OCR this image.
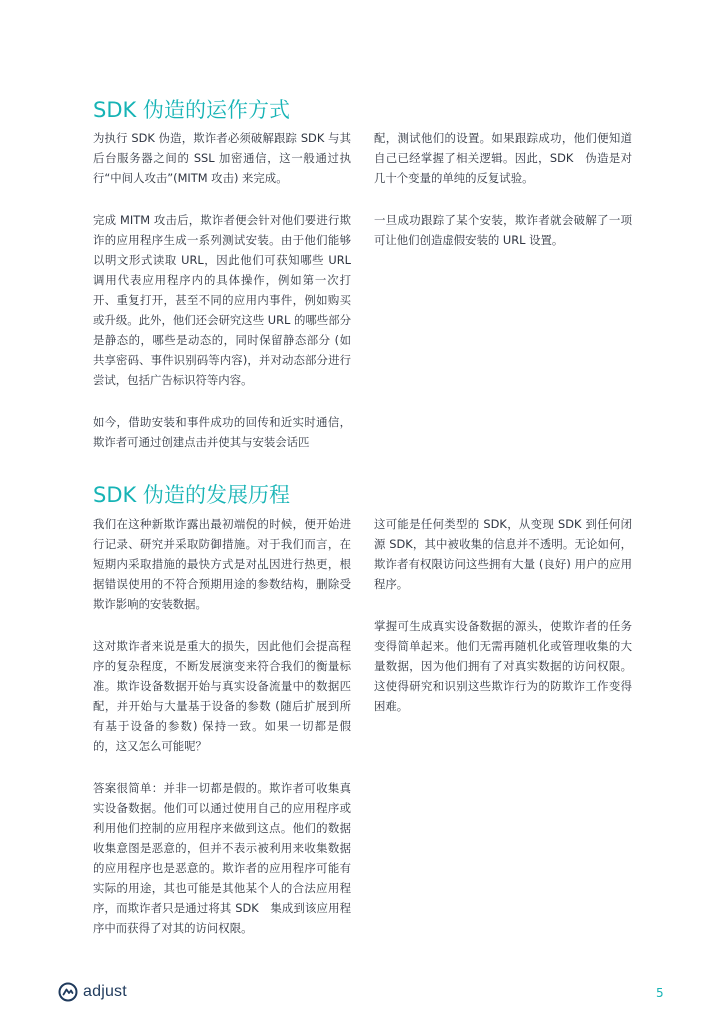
SDK 伪造的运作方式

为执行 SDK 伪造，欺诈者必须破解跟踪 SDK 与其后台服务器之间的 SSL 加密通信，这一般通过执行“中间人攻击”(MITM 攻击) 来完成。

完成 MITM 攻击后，欺诈者便会针对他们要进行欺诈的应用程序生成一系列测试安装。由于他们能够以明文形式读取 URL，因此他们可获知哪些 URL 调用代表应用程序内的具体操作，例如第一次打开、重复打开，甚至不同的应用内事件，例如购买或升级。此外，他们还会研究这些 URL 的哪些部分是静态的，哪些是动态的，同时保留静态部分 (如共享密码、事件识别码等内容)，并对动态部分进行尝试，包括广告标识符等内容。

如今，借助安装和事件成功的回传和近实时通信，欺诈者可通过创建点击并使其与安装会话匹

配，测试他们的设置。如果跟踪成功，他们便知道自己已经掌握了相关逻辑。因此，SDK　伪造是对几十个变量的单纯的反复试验。

一旦成功跟踪了某个安装，欺诈者就会破解了一项可让他们创造虚假安装的 URL 设置。

SDK 伪造的发展历程

我们在这种新欺诈露出最初端倪的时候，便开始进行记录、研究并采取防御措施。对于我们而言，在短期内采取措施的最快方式是对乩因进行热更，根据错误使用的不符合预期用途的参数结构，删除受欺诈影响的安装数据。

这对欺诈者来说是重大的损失，因此他们会提高程序的复杂程度，不断发展演变来符合我们的衡量标准。欺诈设备数据开始与真实设备流量中的数据匹配，并开始与大量基于设备的参数 (随后扩展到所有基于设备的参数) 保持一致。如果一切都是假的，这又怎么可能呢？

答案很简单：并非一切都是假的。欺诈者可收集真实设备数据。他们可以通过使用自己的应用程序或利用他们控制的应用程序来做到这点。他们的数据收集意图是恶意的，但并不表示被利用来收集数据的应用程序也是恶意的。欺诈者的应用程序可能有实际的用途，其也可能是其他某个人的合法应用程序，而欺诈者只是通过将其 SDK　集成到该应用程序中而获得了对其的访问权限。

这可能是任何类型的 SDK，从变现 SDK 到任何闭源 SDK，其中被收集的信息并不透明。无论如何，欺诈者有权限访问这些拥有大量 (良好) 用户的应用程序。

掌握可生成真实设备数据的源头，使欺诈者的任务变得简单起来。他们无需再随机化或管理收集的大量数据，因为他们拥有了对真实数据的访问权限。这使得研究和识别这些欺诈行为的防欺诈工作变得困难。

adjust	5
